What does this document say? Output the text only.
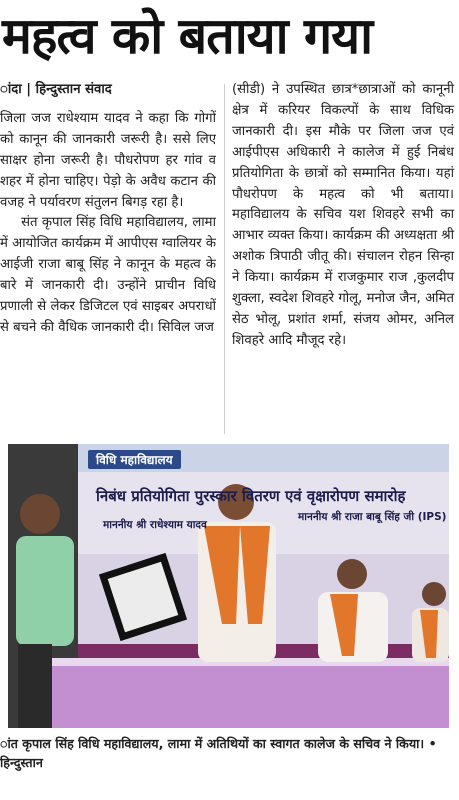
महत्व को बताया गया
ांदा | हिन्दुस्तान संवाद

जिला जज राधेश्याम यादव ने कहा कि गोगों को कानून की जानकारी जरूरी है। ससे लिए साक्षर होना जरूरी है। पौधरोपण हर गांव व शहर में होना चाहिए। पेड़ो के अवैध कटान की वजह ने पर्यावरण संतुलन बिगड़ रहा है।

संत कृपाल सिंह विधि महाविद्यालय, लामा में आयोजित कार्यक्रम में आपीएस ग्वालियर के आईजी राजा बाबू सिंह ने कानून के महत्व के बारे में जानकारी दी। उन्होंने प्राचीन विधि प्रणाली से लेकर डिजिटल एवं साइबर अपराधों से बचने की वैधिक जानकारी दी। सिविल जज

(सीडी) ने उपस्थित छात्र*छात्राओं को कानूनी क्षेत्र में करियर विकल्पों के साथ विधिक जानकारी दी। इस मौके पर जिला जज एवं आईपीएस अधिकारी ने कालेज में हुई निबंध प्रतियोगिता के छात्रों को सम्मानित किया। यहां पौधरोपण के महत्व को भी बताया। महाविद्यालय के सचिव यश शिवहरे सभी का आभार व्यक्त किया। कार्यक्रम की अध्यक्षता श्री अशोक त्रिपाठी जीतू की। संचालन रोहन सिन्हा ने किया। कार्यक्रम में राजकुमार राज ,कुलदीप शुक्ला, स्वदेश शिवहरे गोलू, मनोज जैन, अमित सेठ भोलू, प्रशांत शर्मा, संजय ओमर, अनिल शिवहरे आदि मौजूद रहे।

विधि महाविद्यालय
निबंध प्रतियोगिता पुरस्कार वितरण एवं वृक्षारोपण समारोह
माननीय श्री राधेश्याम यादव
माननीय श्री राजा बाबू सिंह जी (IPS)
ांत कृपाल सिंह विधि महाविद्यालय, लामा में अतिथियों का स्वागत कालेज के सचिव ने किया। • हिन्दुस्तान
